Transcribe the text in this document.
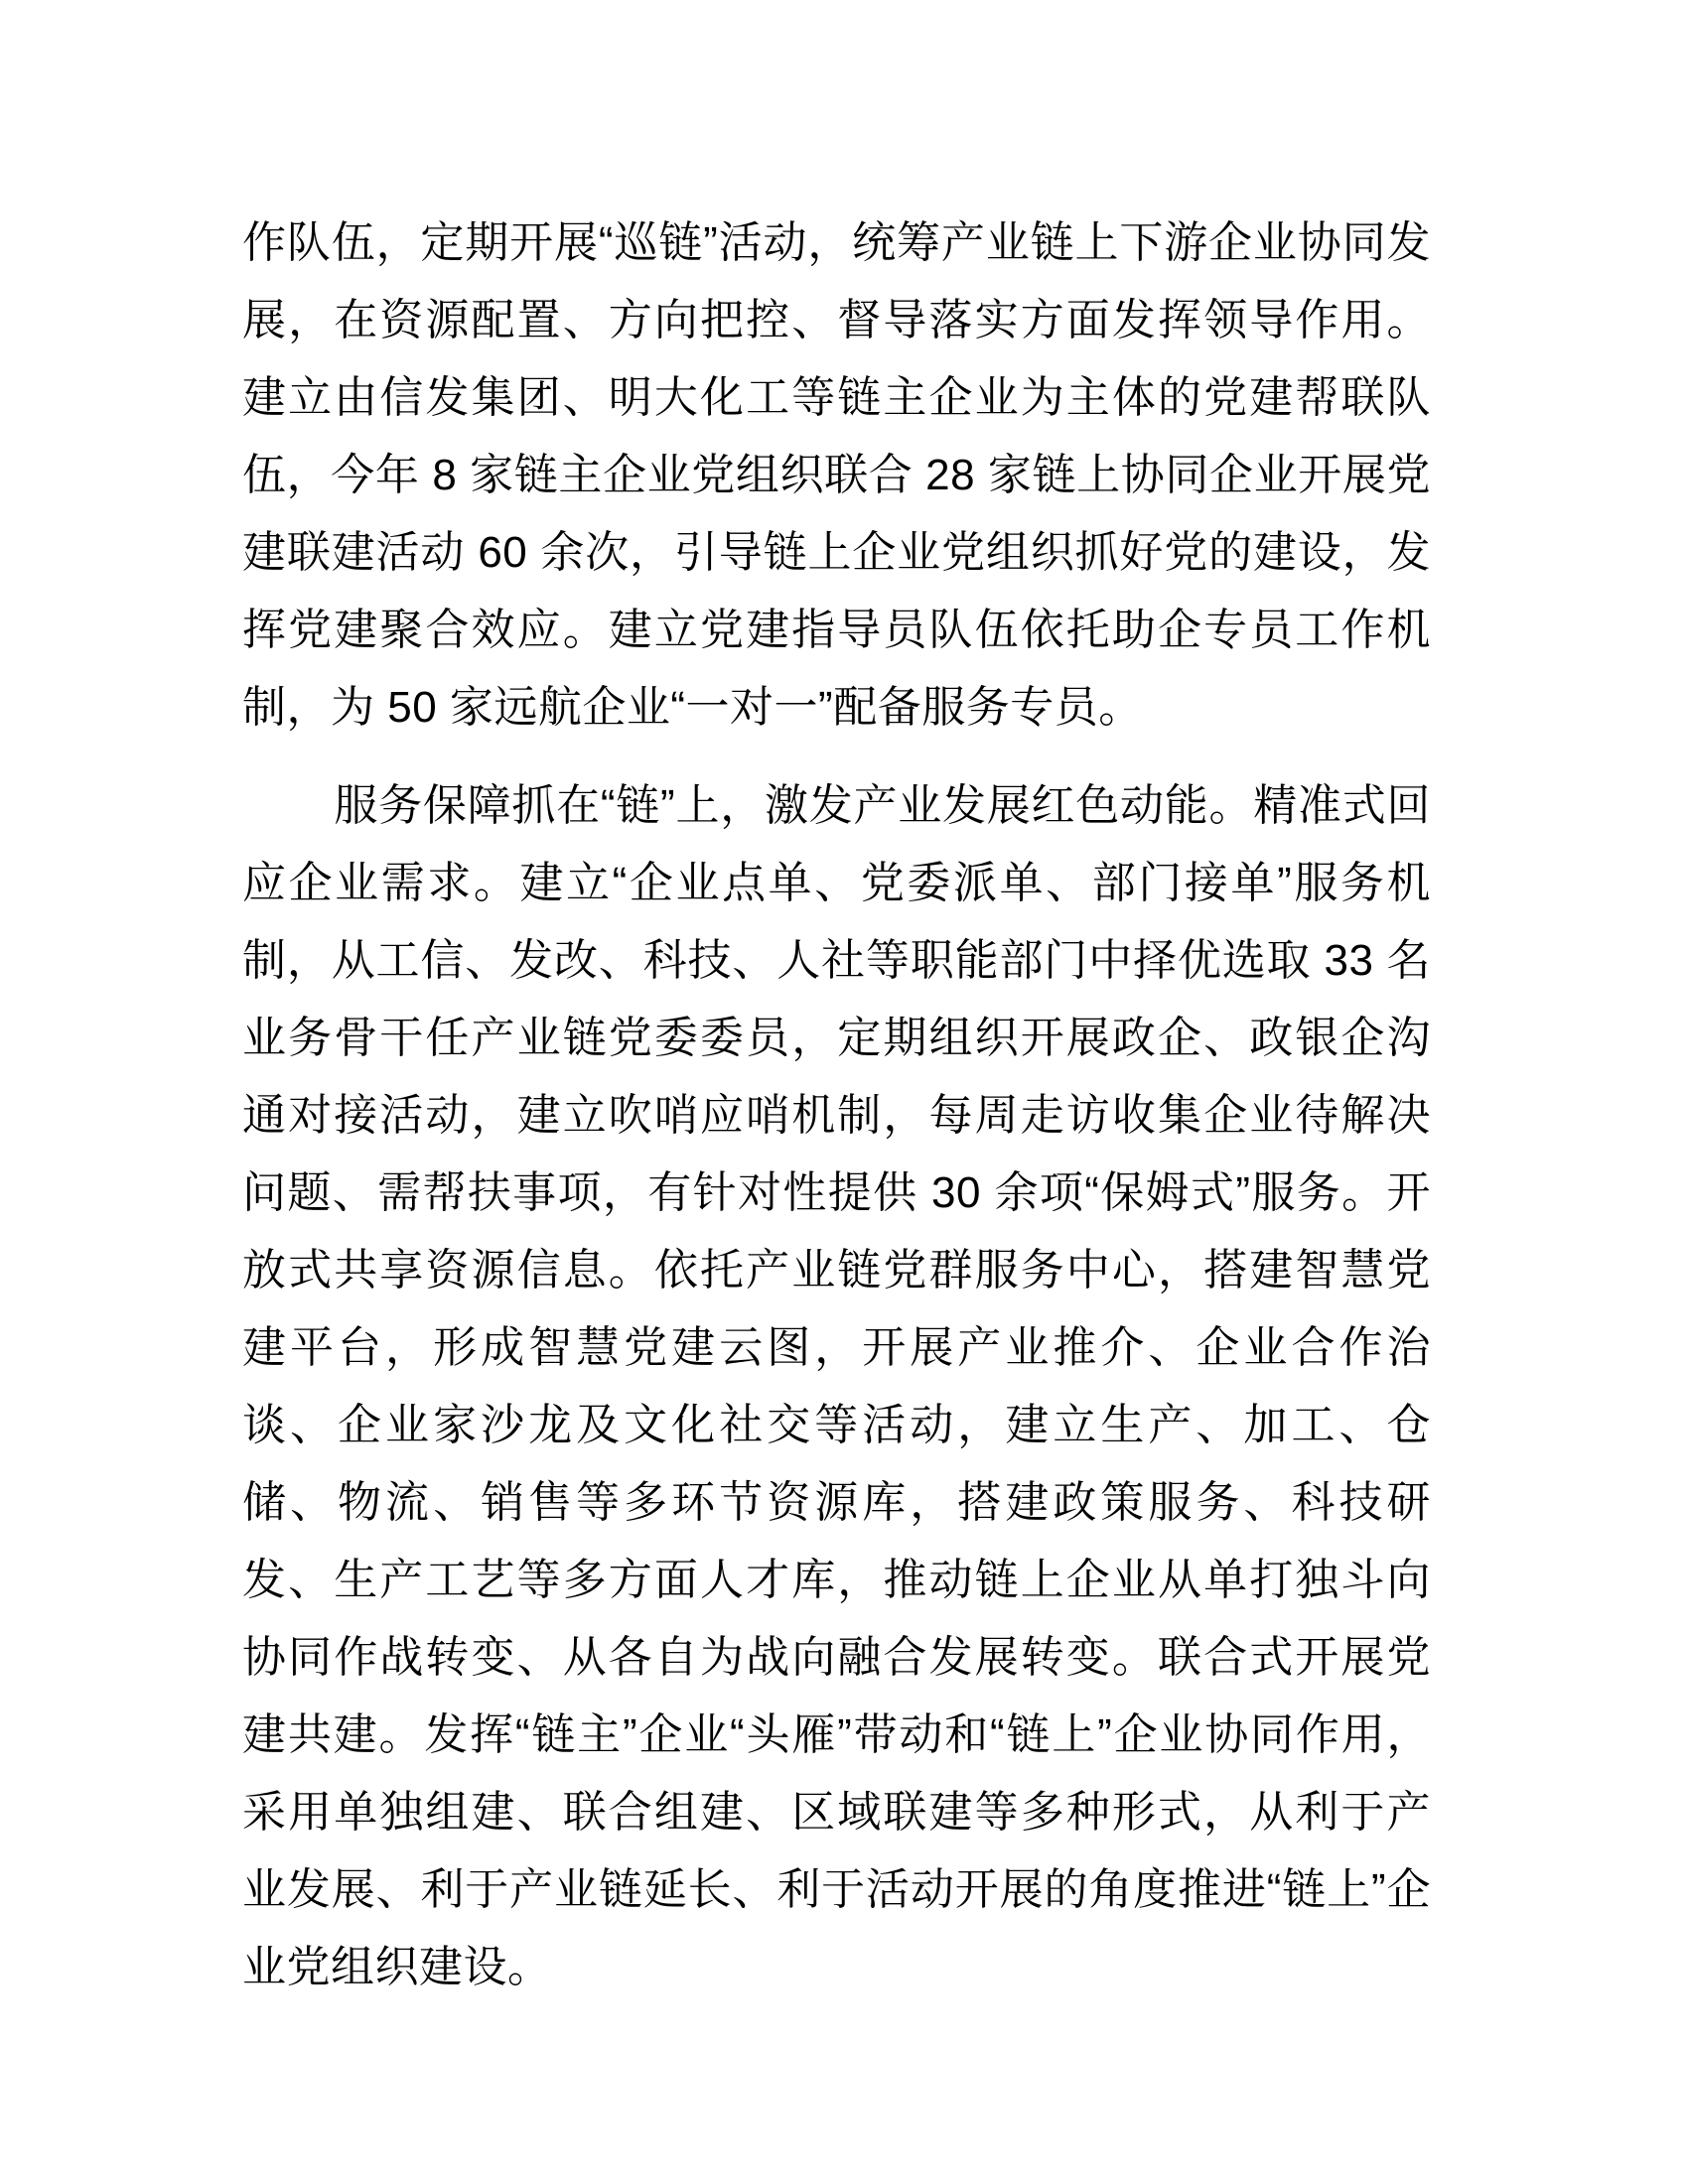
作队伍，定期开展“巡链”活动，统筹产业链上下游企业协同发展，在资源配置、方向把控、督导落实方面发挥领导作用。建立由信发集团、明大化工等链主企业为主体的党建帮联队伍，今年 8 家链主企业党组织联合 28 家链上协同企业开展党建联建活动 60 余次，引导链上企业党组织抓好党的建设，发挥党建聚合效应。建立党建指导员队伍依托助企专员工作机制，为 50 家远航企业“一对一”配备服务专员。

服务保障抓在“链”上，激发产业发展红色动能。精准式回应企业需求。建立“企业点单、党委派单、部门接单”服务机制，从工信、发改、科技、人社等职能部门中择优选取 33 名业务骨干任产业链党委委员，定期组织开展政企、政银企沟通对接活动，建立吹哨应哨机制，每周走访收集企业待解决问题、需帮扶事项，有针对性提供 30 余项“保姆式”服务。开放式共享资源信息。依托产业链党群服务中心，搭建智慧党建平台，形成智慧党建云图，开展产业推介、企业合作治谈、企业家沙龙及文化社交等活动，建立生产、加工、仓储、物流、销售等多环节资源库，搭建政策服务、科技研发、生产工艺等多方面人才库，推动链上企业从单打独斗向协同作战转变、从各自为战向融合发展转变。联合式开展党建共建。发挥“链主”企业“头雁”带动和“链上”企业协同作用，采用单独组建、联合组建、区域联建等多种形式，从利于产业发展、利于产业链延长、利于活动开展的角度推进“链上”企业党组织建设。
